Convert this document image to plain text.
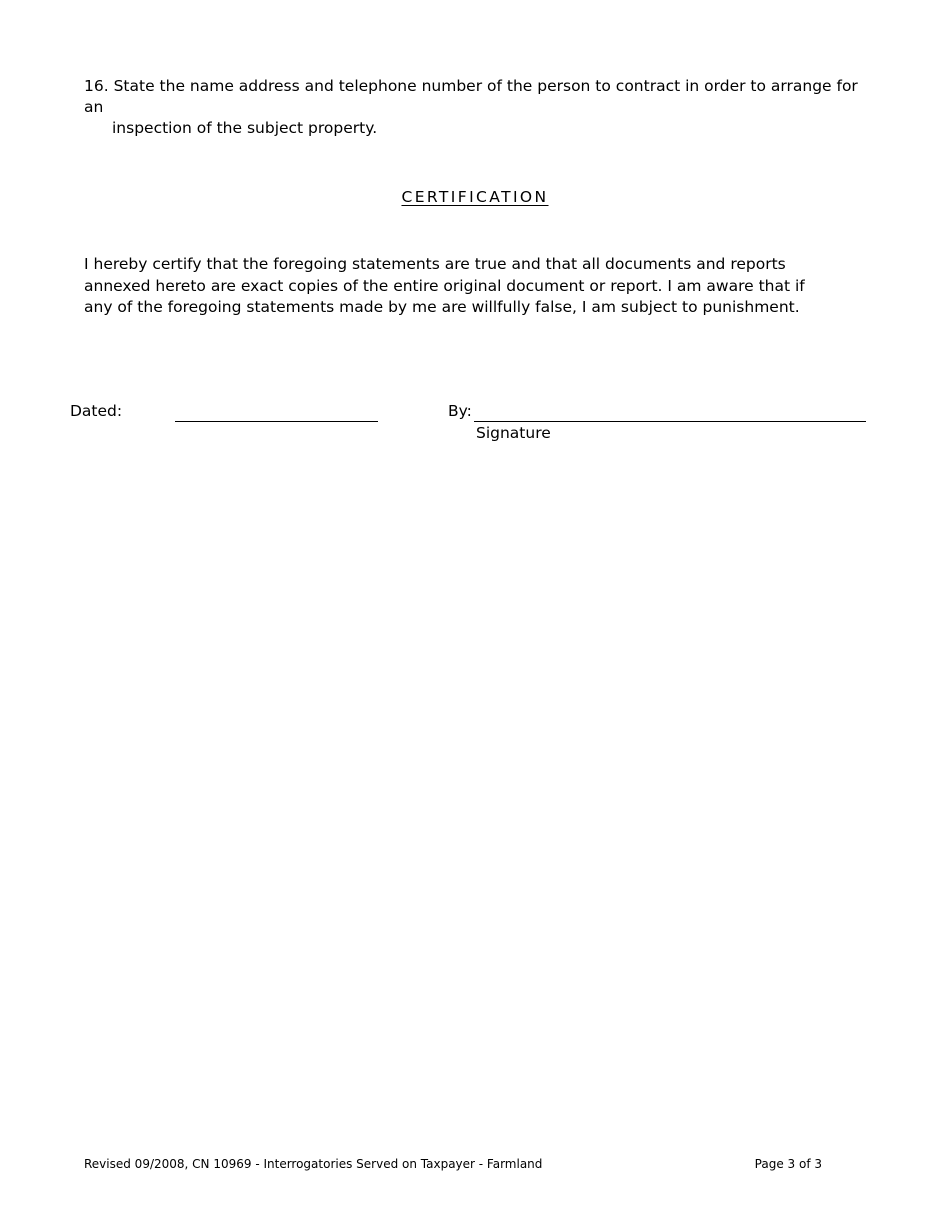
16. State the name address and telephone number of the person to contract in order to arrange for an
inspection of the subject property.
CERTIFICATION
I hereby certify that the foregoing statements are true and that all documents and reports annexed hereto are exact copies of the entire original document or report. I am aware that if any of the foregoing statements made by me are willfully false, I am subject to punishment.
Dated:	By:
Signature
Revised 09/2008, CN 10969 - Interrogatories Served on Taxpayer - Farmland	Page 3 of 3
